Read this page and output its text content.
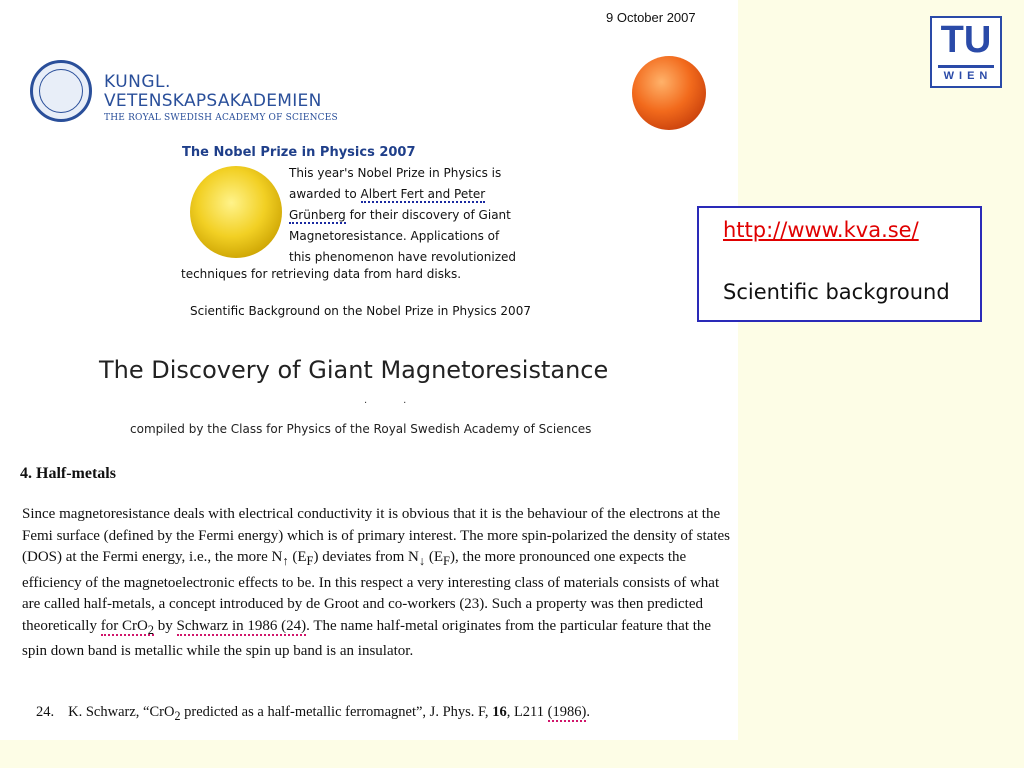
9 October 2007
KUNGL.
VETENSKAPSAKADEMIEN
THE ROYAL SWEDISH ACADEMY OF SCIENCES
The Nobel Prize in Physics 2007
This year's Nobel Prize in Physics is
awarded to Albert Fert and Peter
Grünberg for their discovery of Giant
Magnetoresistance. Applications of
this phenomenon have revolutionized
techniques for retrieving data from hard disks.
Scientific Background on the Nobel Prize in Physics 2007
The Discovery of Giant Magnetoresistance
··
compiled by the Class for Physics of the Royal Swedish Academy of Sciences
4. Half-metals
Since magnetoresistance deals with electrical conductivity it is obvious that it is the behaviour of the electrons at the Femi surface (defined by the Fermi energy) which is of primary interest. The more spin-polarized the density of states (DOS) at the Fermi energy, i.e., the more $N_↑$ $(E_F)$ deviates from $N_↓$ $(E_F)$, the more pronounced one expects the efficiency of the magnetoelectronic effects to be. In this respect a very interesting class of materials consists of what are called half-metals, a concept introduced by de Groot and co-workers (23). Such a property was then predicted theoretically for CrO$_2$ by Schwarz in 1986 (24). The name half-metal originates from the particular feature that the spin down band is metallic while the spin up band is an insulator.
24. K. Schwarz, “CrO$_2$ predicted as a half-metallic ferromagnet”, J. Phys. F, 16, L211 (1986).
TU
WIEN
http://www.kva.se/
Scientific background
